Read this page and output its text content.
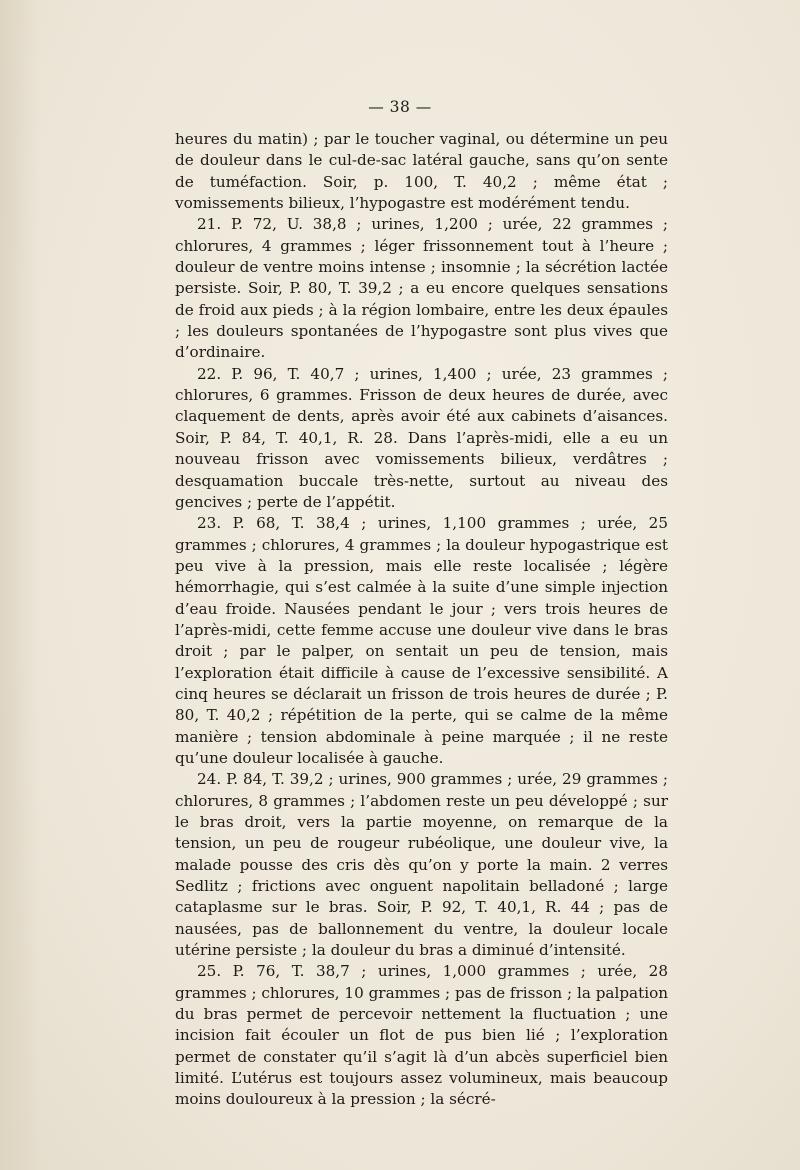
— 38 —

heures du matin) ; par le toucher vaginal, ou détermine un peu de douleur dans le cul-de-sac latéral gauche, sans qu’on sente de tuméfaction. Soir, p. 100, T. 40,2 ; même état ; vomissements bilieux, l’hypogastre est modérément tendu.

21. P. 72, U. 38,8 ; urines, 1,200 ; urée, 22 grammes ; chlorures, 4 grammes ; léger frissonnement tout à l’heure ; douleur de ventre moins intense ; insomnie ; la sécrétion lactée persiste. Soir, P. 80, T. 39,2 ; a eu encore quelques sensations de froid aux pieds ; à la région lombaire, entre les deux épaules ; les douleurs spontanées de l’hypogastre sont plus vives que d’ordinaire.

22. P. 96, T. 40,7 ; urines, 1,400 ; urée, 23 grammes ; chlorures, 6 grammes. Frisson de deux heures de durée, avec claquement de dents, après avoir été aux cabinets d’aisances. Soir, P. 84, T. 40,1, R. 28. Dans l’après-midi, elle a eu un nouveau frisson avec vomissements bilieux, verdâtres ; desquamation buccale très-nette, surtout au niveau des gencives ; perte de l’appétit.

23. P. 68, T. 38,4 ; urines, 1,100 grammes ; urée, 25 grammes ; chlorures, 4 grammes ; la douleur hypogastrique est peu vive à la pression, mais elle reste localisée ; légère hémorrhagie, qui s’est calmée à la suite d’une simple injection d’eau froide. Nausées pendant le jour ; vers trois heures de l’après-midi, cette femme accuse une douleur vive dans le bras droit ; par le palper, on sentait un peu de tension, mais l’exploration était difficile à cause de l’excessive sensibilité. A cinq heures se déclarait un frisson de trois heures de durée ; P. 80, T. 40,2 ; répétition de la perte, qui se calme de la même manière ; tension abdominale à peine marquée ; il ne reste qu’une douleur localisée à gauche.

24. P. 84, T. 39,2 ; urines, 900 grammes ; urée, 29 grammes ; chlorures, 8 grammes ; l’abdomen reste un peu développé ; sur le bras droit, vers la partie moyenne, on remarque de la tension, un peu de rougeur rubéolique, une douleur vive, la malade pousse des cris dès qu’on y porte la main. 2 verres Sedlitz ; frictions avec onguent napolitain belladoné ; large cataplasme sur le bras. Soir, P. 92, T. 40,1, R. 44 ; pas de nausées, pas de ballonnement du ventre, la douleur locale utérine persiste ; la douleur du bras a diminué d’intensité.

25. P. 76, T. 38,7 ; urines, 1,000 grammes ; urée, 28 grammes ; chlorures, 10 grammes ; pas de frisson ; la palpation du bras permet de percevoir nettement la fluctuation ; une incision fait écouler un flot de pus bien lié ; l’exploration permet de constater qu’il s’agit là d’un abcès superficiel bien limité. L’utérus est toujours assez volumineux, mais beaucoup moins douloureux à la pression ; la sécré-
